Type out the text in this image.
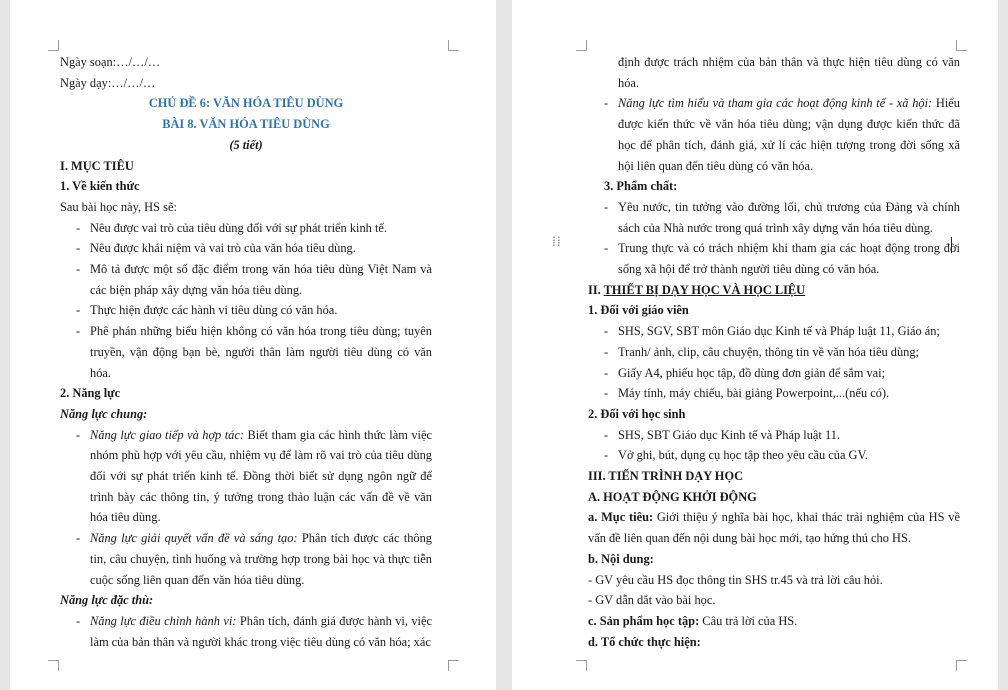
Ngày soạn:…/…/…

Ngày dạy:…/…/…

CHỦ ĐỀ 6: VĂN HÓA TIÊU DÙNG

BÀI 8. VĂN HÓA TIÊU DÙNG

(5 tiết)

I. MỤC TIÊU

1. Về kiến thức

Sau bài học này, HS sẽ:

- Nêu được vai trò của tiêu dùng đối với sự phát triển kinh tế.

- Nêu được khái niệm và vai trò của văn hóa tiêu dùng.

- Mô tả được một số đặc điểm trong văn hóa tiêu dùng Việt Nam và các biện pháp xây dựng văn hóa tiêu dùng.

- Thực hiện được các hành vi tiêu dùng có văn hóa.

- Phê phán những biểu hiện không có văn hóa trong tiêu dùng; tuyên truyền, vận động bạn bè, người thân làm người tiêu dùng có văn hóa.

2. Năng lực

Năng lực chung:

- Năng lực giao tiếp và hợp tác: Biết tham gia các hình thức làm việc nhóm phù hợp với yêu cầu, nhiệm vụ để làm rõ vai trò của tiêu dùng đối với sự phát triển kinh tế. Đồng thời biết sử dụng ngôn ngữ để trình bày các thông tin, ý tưởng trong thảo luận các vấn đề về văn hóa tiêu dùng.

- Năng lực giải quyết vấn đề và sáng tạo: Phân tích được các thông tin, câu chuyện, tình huống và trường hợp trong bài học và thực tiễn cuộc sống liên quan đến văn hóa tiêu dùng.

Năng lực đặc thù:

- Năng lực điều chỉnh hành vi: Phân tích, đánh giá được hành vi, việc làm của bản thân và người khác trong việc tiêu dùng có văn hóa; xác

⁞⁞

định được trách nhiệm của bản thân và thực hiện tiêu dùng có văn hóa.

- Năng lực tìm hiểu và tham gia các hoạt động kinh tế - xã hội: Hiểu được kiến thức về văn hóa tiêu dùng; vận dụng được kiến thức đã học để phân tích, đánh giá, xử lí các hiện tượng trong đời sống xã hội liên quan đến tiêu dùng có văn hóa.

3. Phẩm chất:

- Yêu nước, tin tưởng vào đường lối, chủ trương của Đảng và chính sách của Nhà nước trong quá trình xây dựng văn hóa tiêu dùng.

- Trung thực và có trách nhiệm khi tham gia các hoạt động trong đời sống xã hội để trở thành người tiêu dùng có văn hóa.

II. THIẾT BỊ DẠY HỌC VÀ HỌC LIỆU

1. Đối với giáo viên

- SHS, SGV, SBT môn Giáo dục Kinh tế và Pháp luật 11, Giáo án;

- Tranh/ ảnh, clip, câu chuyện, thông tin về văn hóa tiêu dùng;

- Giấy A4, phiếu học tập, đồ dùng đơn giản để sắm vai;

- Máy tính, máy chiếu, bài giảng Powerpoint,...(nếu có).

2. Đối với học sinh

- SHS, SBT Giáo dục Kinh tế và Pháp luật 11.

- Vở ghi, bút, dụng cụ học tập theo yêu cầu của GV.

III. TIẾN TRÌNH DẠY HỌC

A. HOẠT ĐỘNG KHỞI ĐỘNG

a. Mục tiêu: Giới thiệu ý nghĩa bài học, khai thác trải nghiệm của HS về vấn đề liên quan đến nội dung bài học mới, tạo hứng thú cho HS.

b. Nội dung:

- GV yêu cầu HS đọc thông tin SHS tr.45 và trả lời câu hỏi.

- GV dẫn dắt vào bài học.

c. Sản phẩm học tập: Câu trả lời của HS.

d. Tổ chức thực hiện:
